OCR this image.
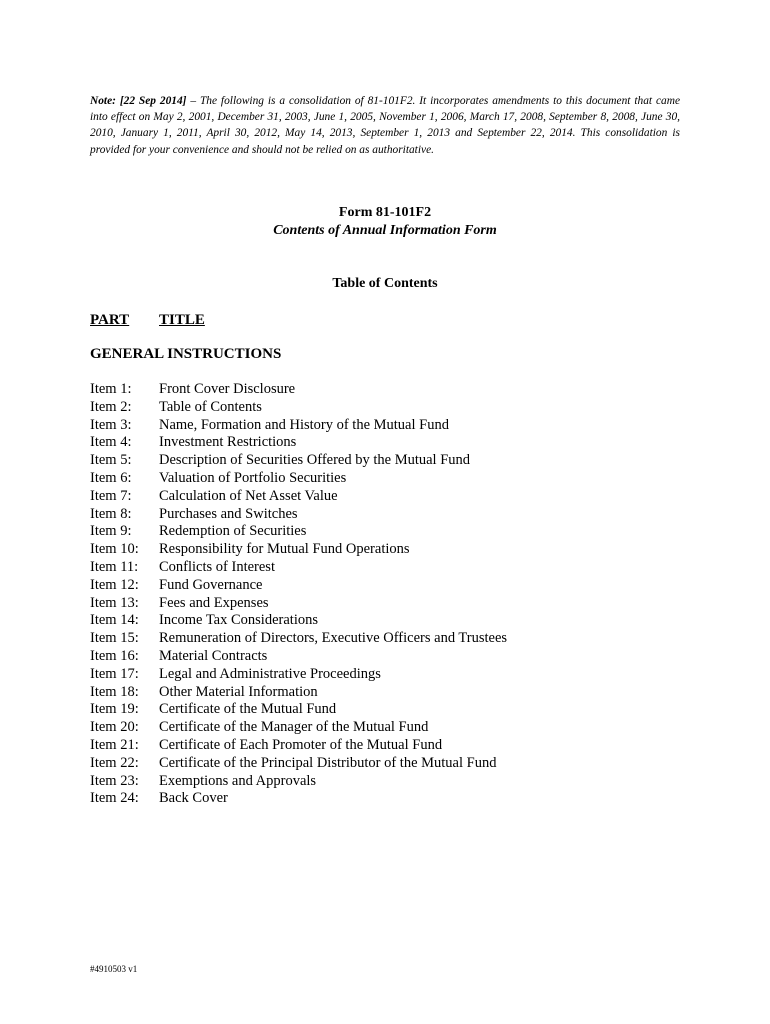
Note: [22 Sep 2014] – The following is a consolidation of 81-101F2. It incorporates amendments to this document that came into effect on May 2, 2001, December 31, 2003, June 1, 2005, November 1, 2006, March 17, 2008, September 8, 2008, June 30, 2010, January 1, 2011, April 30, 2012, May 14, 2013, September 1, 2013 and September 22, 2014. This consolidation is provided for your convenience and should not be relied on as authoritative.

Form 81-101F2
Contents of Annual Information Form
Table of Contents
PART TITLE
GENERAL INSTRUCTIONS
Item 1: Front Cover Disclosure
Item 2: Table of Contents
Item 3: Name, Formation and History of the Mutual Fund
Item 4: Investment Restrictions
Item 5: Description of Securities Offered by the Mutual Fund
Item 6: Valuation of Portfolio Securities
Item 7: Calculation of Net Asset Value
Item 8: Purchases and Switches
Item 9: Redemption of Securities
Item 10: Responsibility for Mutual Fund Operations
Item 11: Conflicts of Interest
Item 12: Fund Governance
Item 13: Fees and Expenses
Item 14: Income Tax Considerations
Item 15: Remuneration of Directors, Executive Officers and Trustees
Item 16: Material Contracts
Item 17: Legal and Administrative Proceedings
Item 18: Other Material Information
Item 19: Certificate of the Mutual Fund
Item 20: Certificate of the Manager of the Mutual Fund
Item 21: Certificate of Each Promoter of the Mutual Fund
Item 22: Certificate of the Principal Distributor of the Mutual Fund
Item 23: Exemptions and Approvals
Item 24: Back Cover
#4910503 v1
